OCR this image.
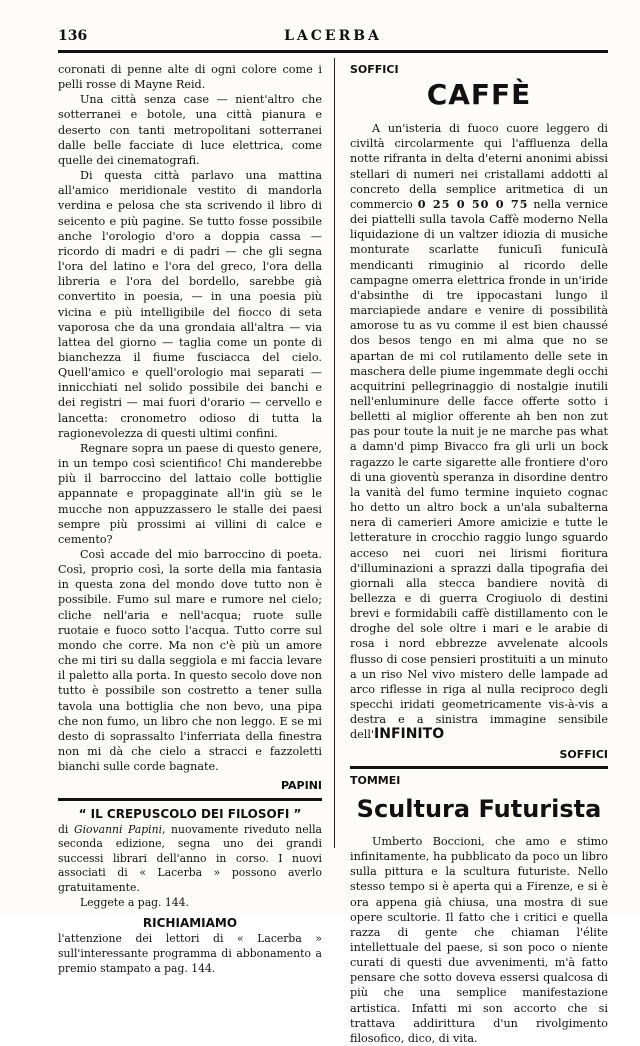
136	LACERBA

coronati di penne alte di ogni colore come i pelli rosse di Mayne Reid.

Una città senza case — nient'altro che sotterranei e botole, una città pianura e deserto con tanti metropolitani sotterranei dalle belle facciate di luce elettrica, come quelle dei cinematografi.

Di questa città parlavo una mattina all'amico meridionale vestito di mandorla verdina e pelosa che sta scrivendo il libro di seicento e più pagine. Se tutto fosse possibile anche l'orologio d'oro a doppia cassa — ricordo di madri e di padri — che gli segna l'ora del latino e l'ora del greco, l'ora della libreria e l'ora del bordello, sarebbe già convertito in poesia, — in una poesia più vicina e più intelligibile del fiocco di seta vaporosa che da una grondaia all'altra — via lattea del giorno — taglia come un ponte di bianchezza il fiume fusciacca del cielo. Quell'amico e quell'orologio mai separati — innicchiati nel solido possibile dei banchi e dei registri — mai fuori d'orario — cervello e lancetta: cronometro odioso di tutta la ragionevolezza di questi ultimi confini.

Regnare sopra un paese di questo genere, in un tempo così scientifico! Chi manderebbe più il barroccino del lattaio colle bottiglie appannate e propagginate all'in giù se le mucche non appuzzassero le stalle dei paesi sempre più prossimi ai villini di calce e cemento?

Così accade del mio barroccino di poeta. Così, proprio così, la sorte della mia fantasia in questa zona del mondo dove tutto non è possibile. Fumo sul mare e rumore nel cielo; cliche nell'aria e nell'acqua; ruote sulle ruotaie e fuoco sotto l'acqua. Tutto corre sul mondo che corre. Ma non c'è più un amore che mi tiri su dalla seggiola e mi faccia levare il paletto alla porta. In questo secolo dove non tutto è possibile son costretto a tener sulla tavola una bottiglia che non bevo, una pipa che non fumo, un libro che non leggo. E se mi desto di soprassalto l'inferriata della finestra non mi dà che cielo a stracci e fazzoletti bianchi sulle corde bagnate.

PAPINI
“ IL CREPUSCOLO DEI FILOSOFI ”

di Giovanni Papini, nuovamente riveduto nella seconda edizione, segna uno dei grandi successi librari dell'anno in corso. I nuovi associati di « Lacerba » possono averlo gratuitamente.

Leggete a pag. 144.

RICHIAMIAMO

l'attenzione dei lettori di « Lacerba » sull'interessante programma di abbonamento a premio stampato a pag. 144.

SOFFICI
CAFFÈ

A un'isteria di fuoco cuore leggero di civiltà circolarmente qui l'affluenza della notte rifranta in delta d'eterni anonimi abissi stellari di numeri nei cristallami addotti al concreto della semplice aritmetica di un commercio 0 25 0 50 0 75 nella vernice dei piattelli sulla tavola Caffè moderno Nella liquidazione di un valtzer idiozia di musiche monturate scarlatte funicuIì funicuIà mendicanti rimuginio al ricordo delle campagne omerra elettrica fronde in un'iride d'absinthe di tre ippocastani lungo il marciapiede andare e venire di possibilità amorose tu as vu comme il est bien chaussé dos besos tengo en mi alma que no se apartan de mi col rutilamento delle sete in maschera delle piume ingemmate degli occhi acquitrini pellegrinaggio di nostalgie inutili nell'enluminure delle facce offerte sotto i belletti al miglior offerente ah ben non zut pas pour toute la nuit je ne marche pas what a damn'd pimp Bivacco fra gli urli un bock ragazzo le carte sigarette alle frontiere d'oro di una gioventù speranza in disordine dentro la vanità del fumo termine inquieto cognac ho detto un altro bock a un'ala subalterna nera di camerieri Amore amicizie e tutte le letterature in crocchio raggio lungo sguardo acceso nei cuori nei lirismi fioritura d'illuminazioni a sprazzi dalla tipografia dei giornali alla stecca bandiere novità di bellezza e di guerra Crogiuolo di destini brevi e formidabili caffè distillamento con le droghe del sole oltre i mari e le arabie di rosa i nord ebbrezze avvelenate alcools flusso di cose pensieri prostituiti a un minuto a un riso Nel vivo mistero delle lampade ad arco riflesse in riga al nulla reciproco degli specchi iridati geometricamente vis-à-vis a destra e a sinistra immagine sensibile dell'INFINITO

SOFFICI
TOMMEI
Scultura Futurista

Umberto Boccioni, che amo e stimo infinitamente, ha pubblicato da poco un libro sulla pittura e la scultura futuriste. Nello stesso tempo si è aperta qui a Firenze, e si è ora appena già chiusa, una mostra di sue opere scultorie. Il fatto che i critici e quella razza di gente che chiaman l'élite intellettuale del paese, si son poco o niente curati di questi due avvenimenti, m'à fatto pensare che sotto doveva essersi qualcosa di più che una semplice manifestazione artistica. Infatti mi son accorto che si trattava addirittura d'un rivolgimento filosofico, dico, di vita.
